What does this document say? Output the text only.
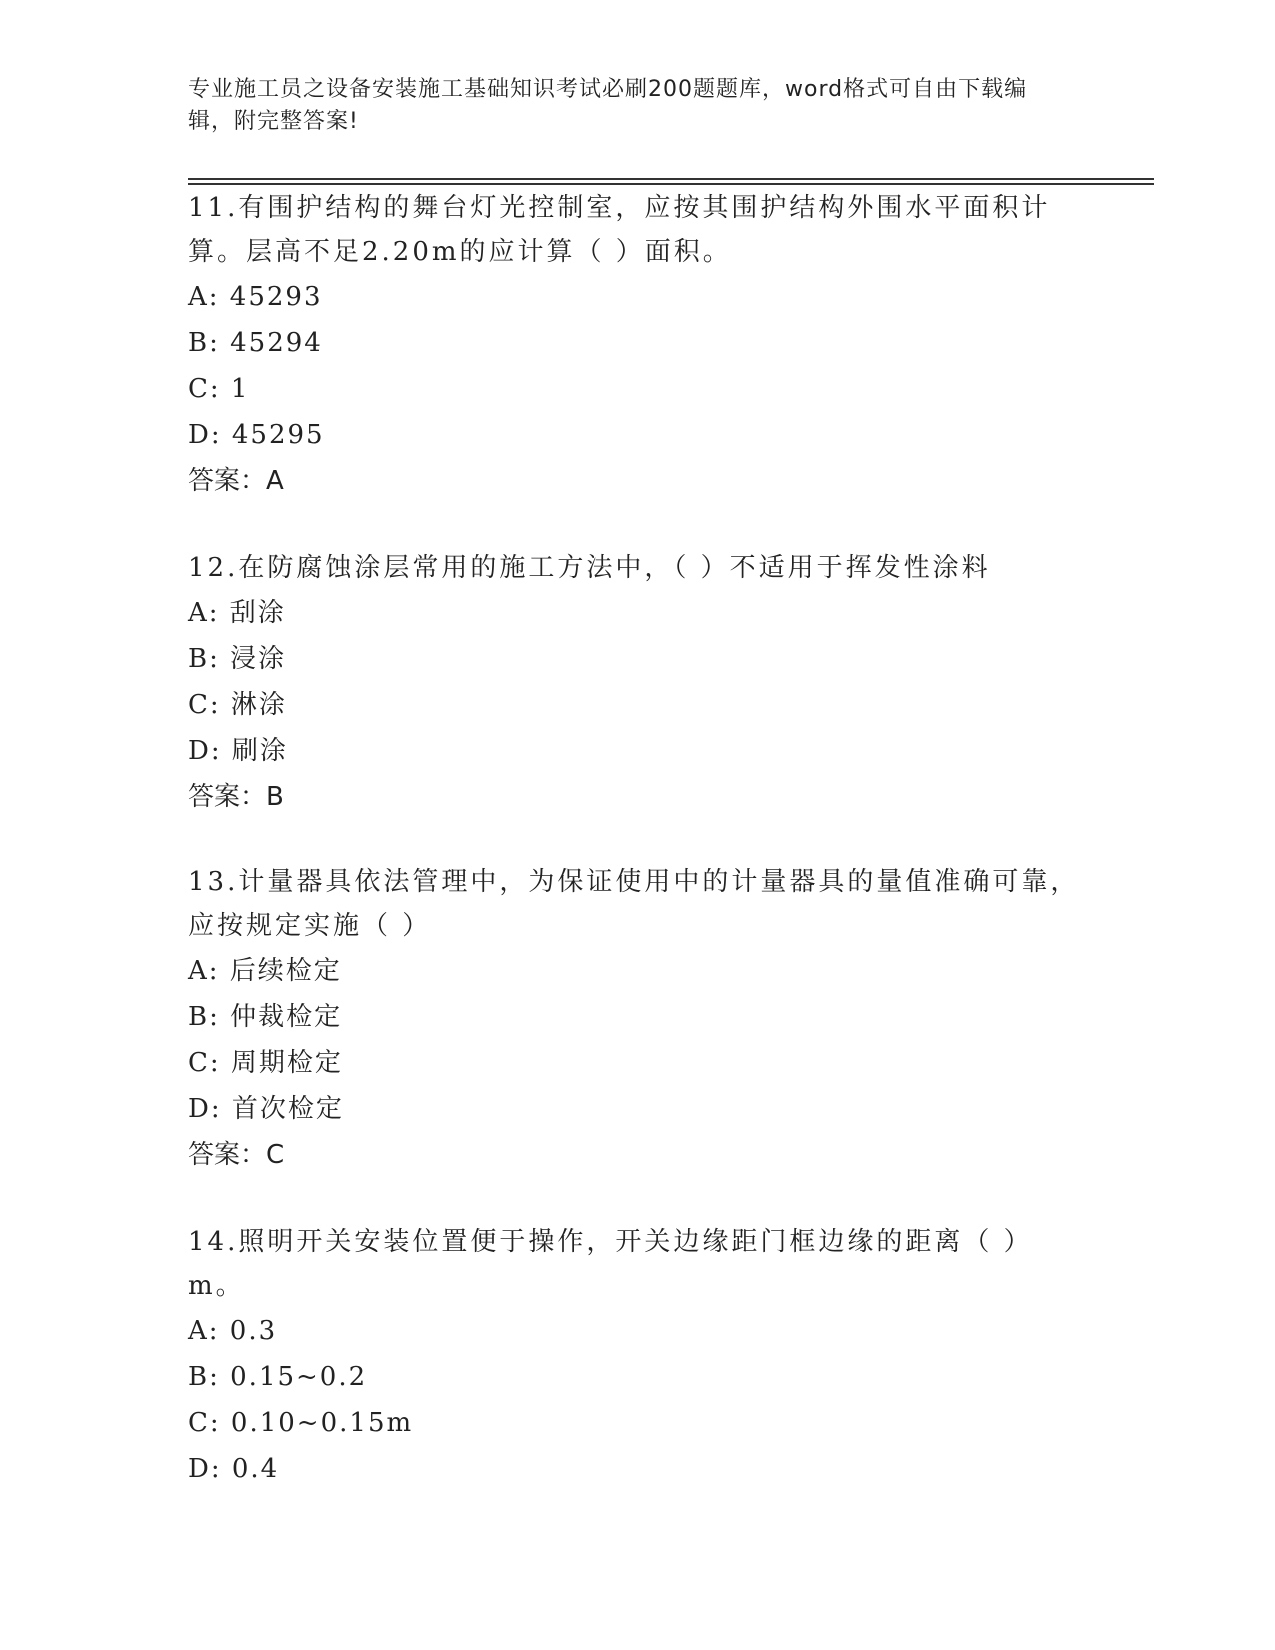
专业施工员之设备安装施工基础知识考试必刷200题题库，word格式可自由下载编辑，附完整答案!

11.有围护结构的舞台灯光控制室，应按其围护结构外围水平面积计算。层高不足2.20m的应计算（ ）面积。

A: 45293

B: 45294

C: 1

D: 45295

答案：A

12.在防腐蚀涂层常用的施工方法中，（ ）不适用于挥发性涂料

A: 刮涂

B: 浸涂

C: 淋涂

D: 刷涂

答案：B

13.计量器具依法管理中，为保证使用中的计量器具的量值准确可靠，应按规定实施（ ）

A: 后续检定

B: 仲裁检定

C: 周期检定

D: 首次检定

答案：C

14.照明开关安装位置便于操作，开关边缘距门框边缘的距离（ ）m。

A: 0.3

B: 0.15~0.2

C: 0.10~0.15m

D: 0.4
